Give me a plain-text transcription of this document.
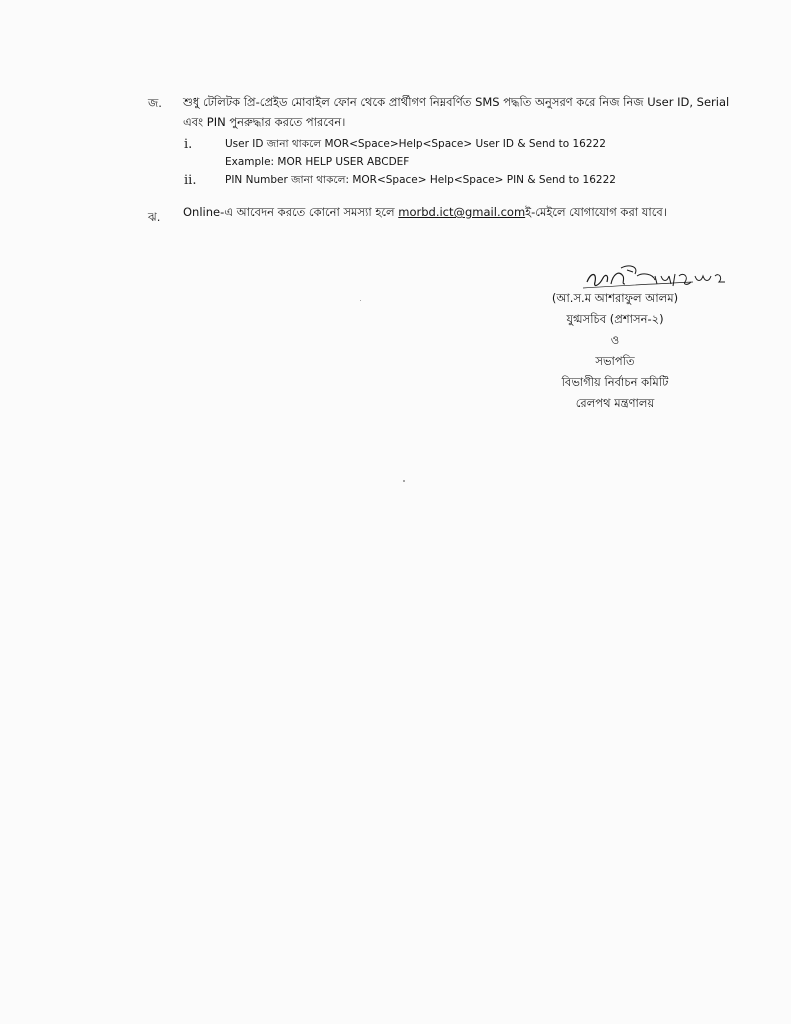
জ. শুধু টেলিটক প্রি-প্রেইড মোবাইল ফোন থেকে প্রার্থীগণ নিম্নবর্ণিত SMS পদ্ধতি অনুসরণ করে নিজ নিজ User ID, Serial
এবং PIN পুনরুদ্ধার করতে পারবেন।
i.	User ID জানা থাকলে MOR<Space>Help<Space> User ID & Send to 16222
Example: MOR HELP USER ABCDEF
ii.	PIN Number জানা থাকলে: MOR<Space> Help<Space> PIN & Send to 16222
ঝ. Online-এ আবেদন করতে কোনো সমস্যা হলে morbd.ict@gmail.comই-মেইলে যোগাযোগ করা যাবে।
(আ.স.ম আশরাফুল আলম)
যুগ্মসচিব (প্রশাসন-২)
ও
সভাপতি
বিভাগীয় নির্বাচন কমিটি
রেলপথ মন্ত্রণালয়
